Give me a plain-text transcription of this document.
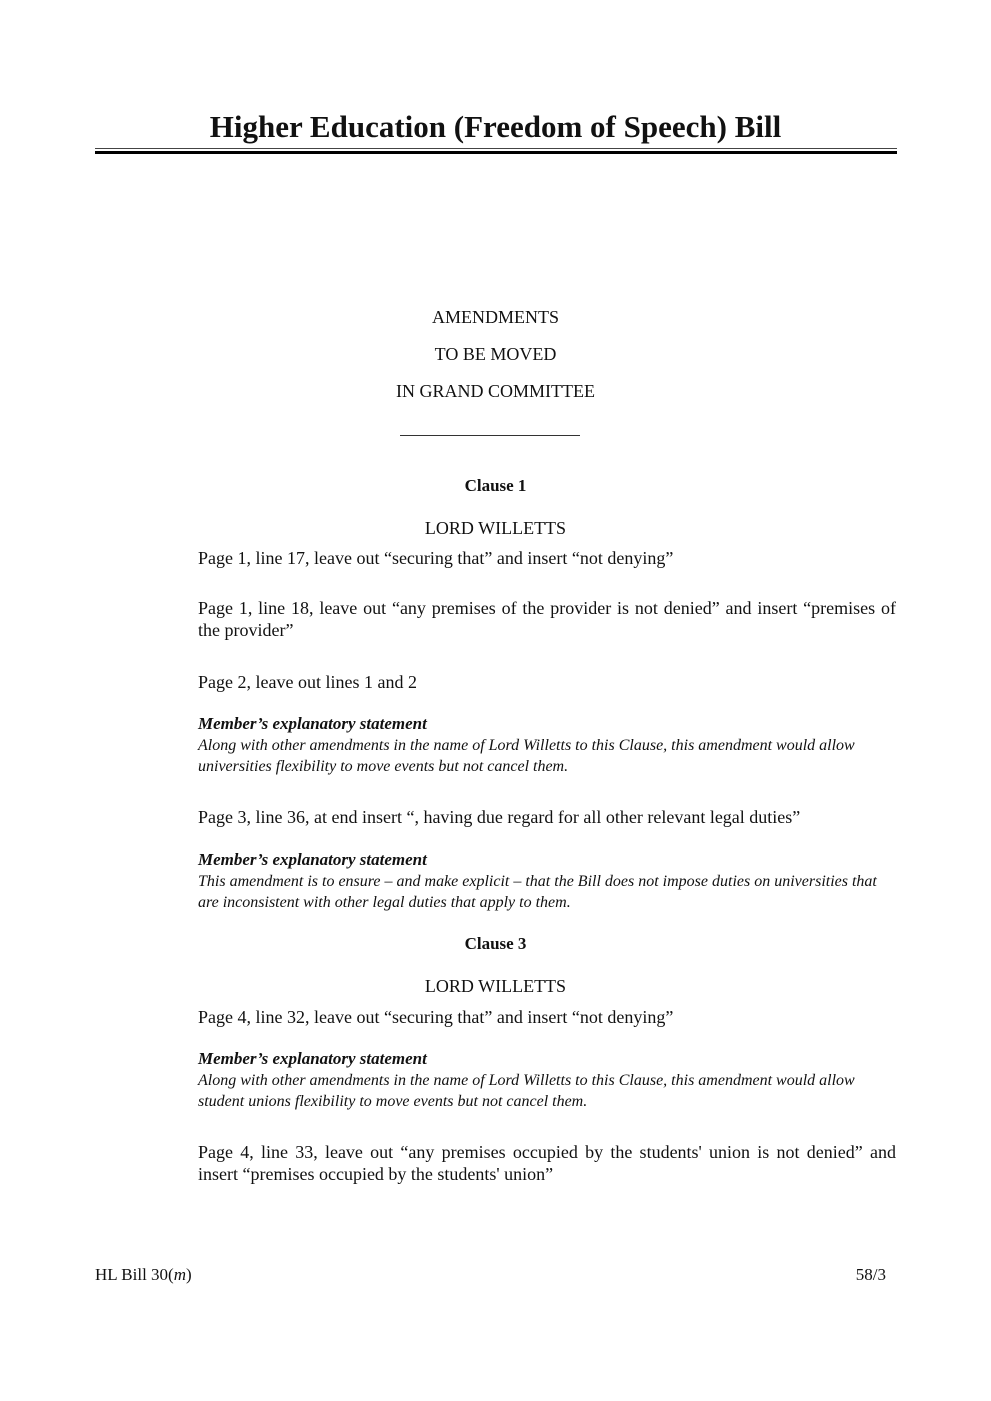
Higher Education (Freedom of Speech) Bill
AMENDMENTS
TO BE MOVED
IN GRAND COMMITTEE
Clause 1
LORD WILLETTS
Page 1, line 17, leave out “securing that” and insert “not denying”
Page 1, line 18, leave out “any premises of the provider is not denied” and insert “premises of the provider”
Page 2, leave out lines 1 and 2
Member’s explanatory statement
Along with other amendments in the name of Lord Willetts to this Clause, this amendment would allow universities flexibility to move events but not cancel them.
Page 3, line 36, at end insert “, having due regard for all other relevant legal duties”
Member’s explanatory statement
This amendment is to ensure – and make explicit – that the Bill does not impose duties on universities that are inconsistent with other legal duties that apply to them.
Clause 3
LORD WILLETTS
Page 4, line 32, leave out “securing that” and insert “not denying”
Member’s explanatory statement
Along with other amendments in the name of Lord Willetts to this Clause, this amendment would allow student unions flexibility to move events but not cancel them.
Page 4, line 33, leave out “any premises occupied by the students' union is not denied” and insert “premises occupied by the students' union”
HL Bill 30(m)	58/3
